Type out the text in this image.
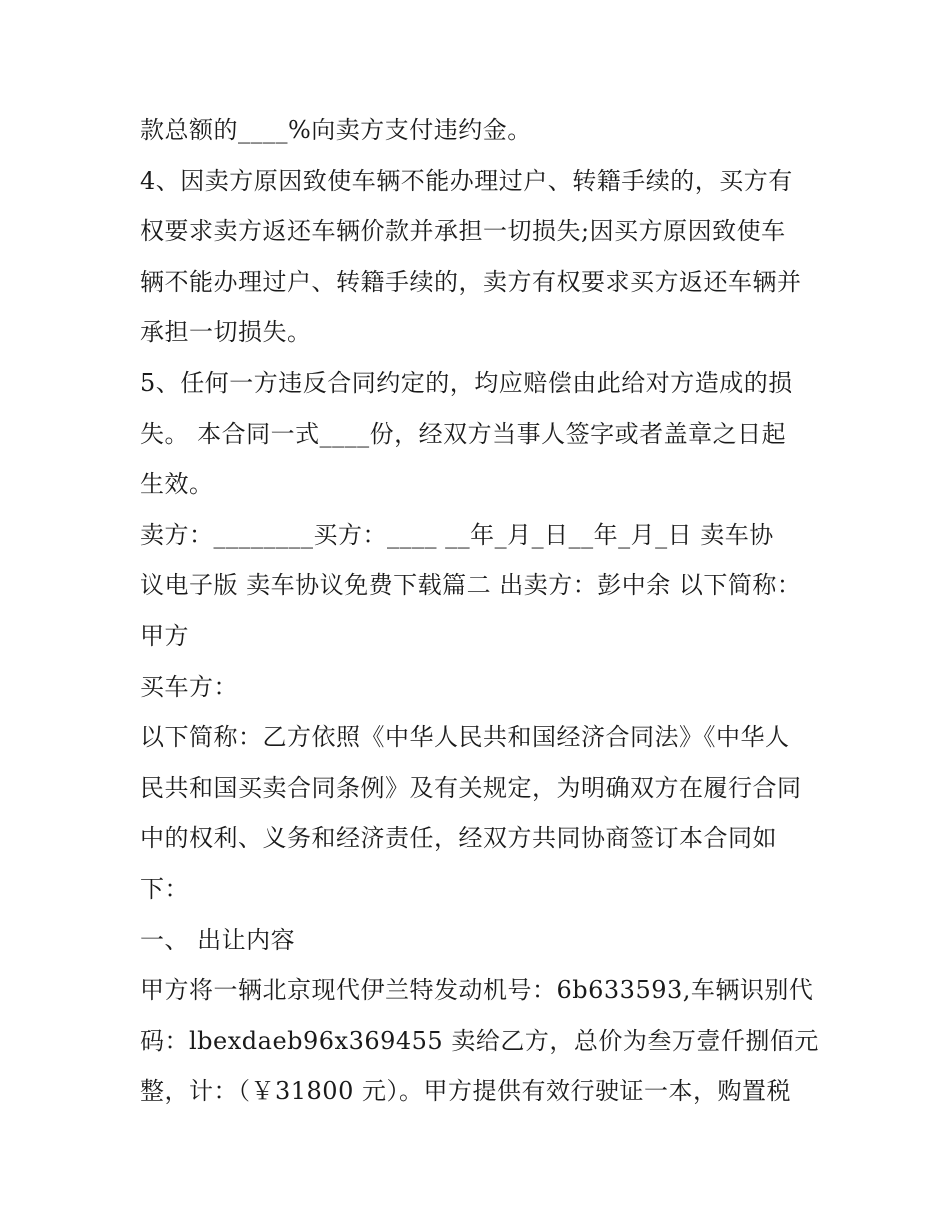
款总额的____%向卖方支付违约金。
4、因卖方原因致使车辆不能办理过户、转籍手续的，买方有
权要求卖方返还车辆价款并承担一切损失;因买方原因致使车
辆不能办理过户、转籍手续的，卖方有权要求买方返还车辆并
承担一切损失。
5、任何一方违反合同约定的，均应赔偿由此给对方造成的损
失。 本合同一式____份，经双方当事人签字或者盖章之日起
生效。
卖方：________买方：____ __年_月_日__年_月_日 卖车协
议电子版 卖车协议免费下载篇二 出卖方：彭中余 以下简称：
甲方
买车方：
以下简称：乙方依照《中华人民共和国经济合同法》《中华人
民共和国买卖合同条例》及有关规定，为明确双方在履行合同
中的权利、义务和经济责任，经双方共同协商签订本合同如
下：
一、 出让内容
甲方将一辆北京现代伊兰特发动机号：6b633593,车辆识别代
码：lbexdaeb96x369455 卖给乙方，总价为叁万壹仟捌佰元
整，计：（￥31800 元）。甲方提供有效行驶证一本，购置税
